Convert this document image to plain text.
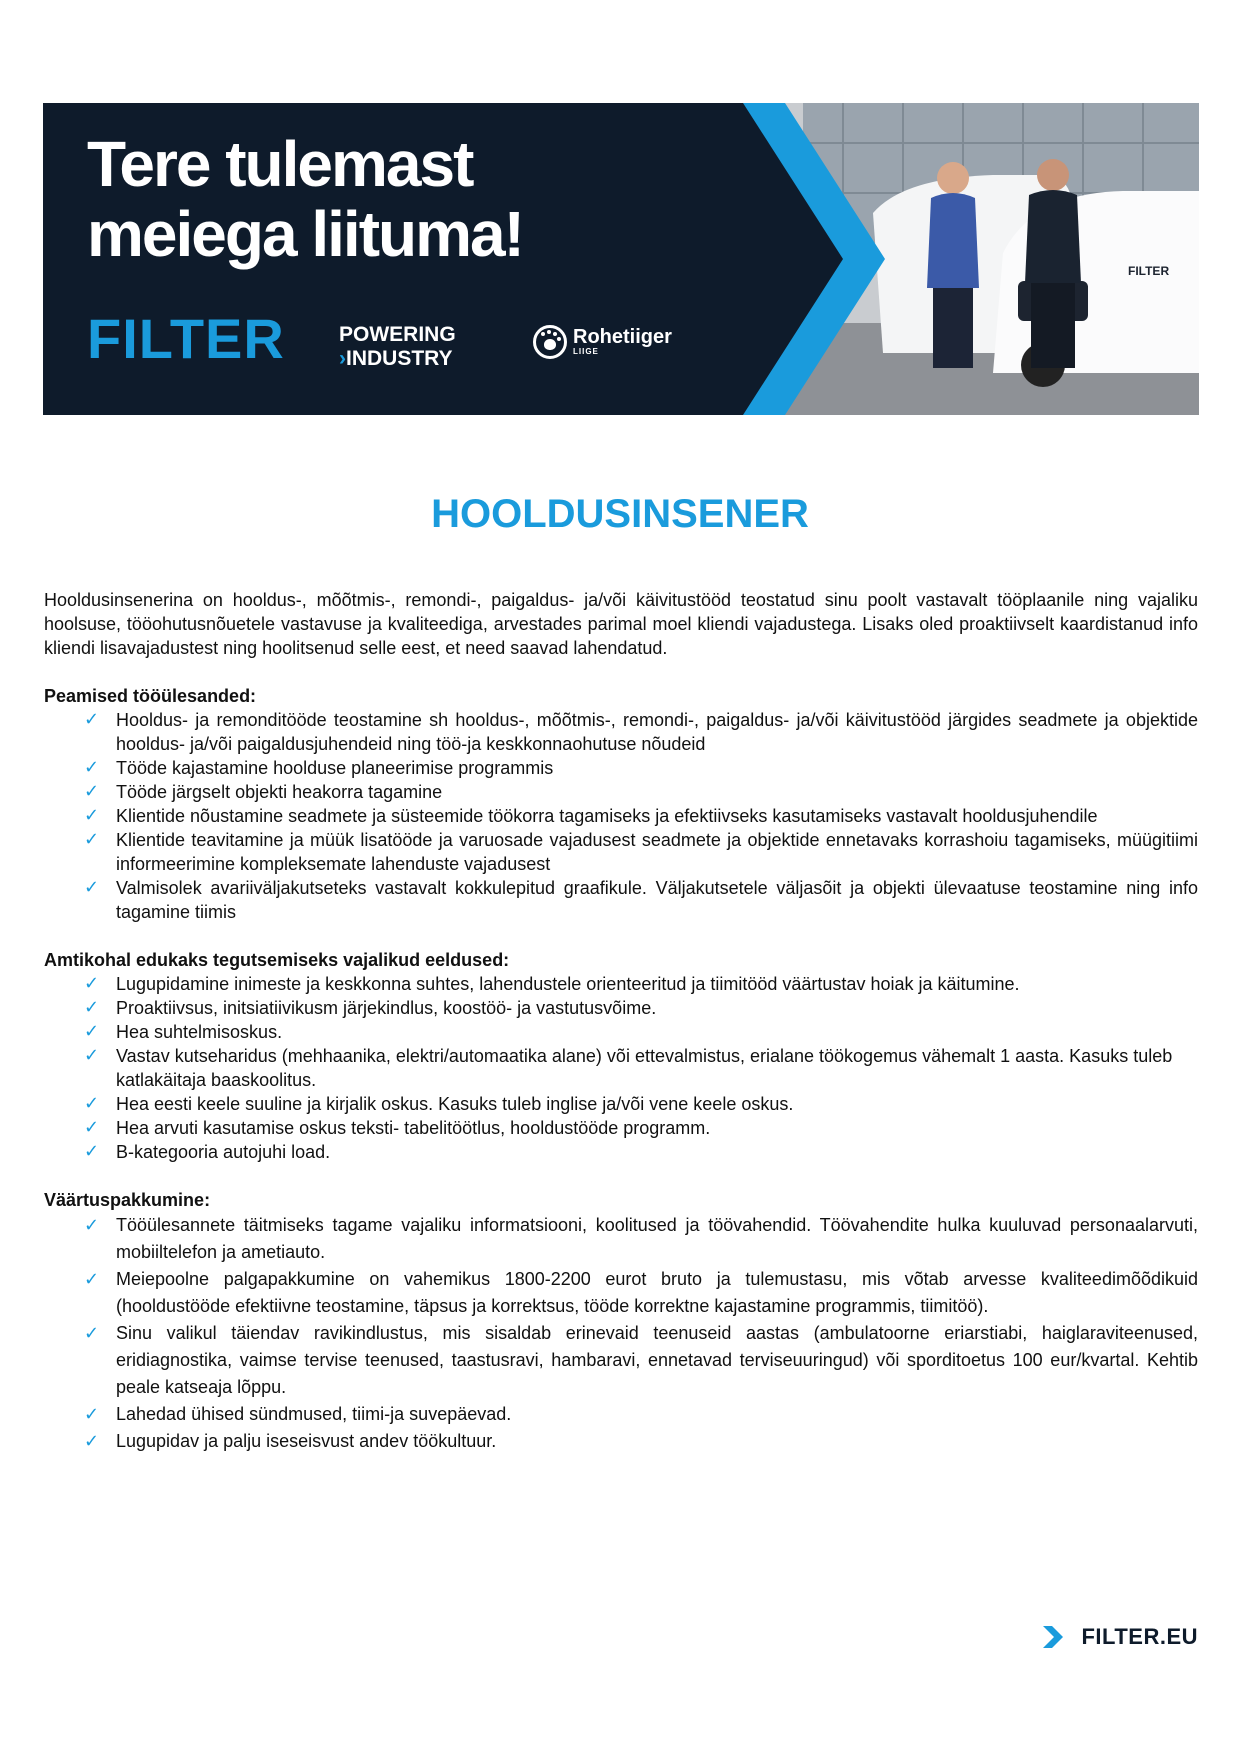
FILTER
Tere tulemast
meiega liituma!
FILTER	POWERING
›INDUSTRY
Rohetiiger
LIIGE
HOOLDUSINSENER

Hooldusinsenerina on hooldus-, mõõtmis-, remondi-, paigaldus- ja/või käivitustööd teostatud sinu poolt vastavalt tööplaanile ning vajaliku hoolsuse, tööohutusnõuetele vastavuse ja kvaliteediga, arvestades parimal moel kliendi vajadustega. Lisaks oled proaktiivselt kaardistanud info kliendi lisavajadustest ning hoolitsenud selle eest, et need saavad lahendatud.

Peamised tööülesanded:

✓ Hooldus- ja remonditööde teostamine sh hooldus-, mõõtmis-, remondi-, paigaldus- ja/või käivitustööd järgides seadmete ja objektide hooldus- ja/või paigaldusjuhendeid ning töö-ja keskkonnaohutuse nõudeid
✓ Tööde kajastamine hoolduse planeerimise programmis
✓ Tööde järgselt objekti heakorra tagamine
✓ Klientide nõustamine seadmete ja süsteemide töökorra tagamiseks ja efektiivseks kasutamiseks vastavalt hooldusjuhendile
✓ Klientide teavitamine ja müük lisatööde ja varuosade vajadusest seadmete ja objektide ennetavaks korrashoiu tagamiseks, müügitiimi informeerimine kompleksemate lahenduste vajadusest
✓ Valmisolek avariiväljakutseteks vastavalt kokkulepitud graafikule. Väljakutsetele väljasõit ja objekti ülevaatuse teostamine ning info tagamine tiimis

Amtikohal edukaks tegutsemiseks vajalikud eeldused:

✓ Lugupidamine inimeste ja keskkonna suhtes, lahendustele orienteeritud ja tiimitööd väärtustav hoiak ja käitumine.
✓ Proaktiivsus, initsiatiivikusm järjekindlus, koostöö- ja vastutusvõime.
✓ Hea suhtelmisoskus.
✓ Vastav kutseharidus (mehhaanika, elektri/automaatika alane) või ettevalmistus, erialane töökogemus vähemalt 1 aasta. Kasuks tuleb katlakäitaja baaskoolitus.
✓ Hea eesti keele suuline ja kirjalik oskus. Kasuks tuleb inglise ja/või vene keele oskus.
✓ Hea arvuti kasutamise oskus teksti- tabelitöötlus, hooldustööde programm.
✓ B-kategooria autojuhi load.

Väärtuspakkumine:

✓ Tööülesannete täitmiseks tagame vajaliku informatsiooni, koolitused ja töövahendid. Töövahendite hulka kuuluvad personaalarvuti, mobiiltelefon ja ametiauto.
✓ Meiepoolne palgapakkumine on vahemikus 1800-2200 eurot bruto ja tulemustasu, mis võtab arvesse kvaliteedimõõdikuid (hooldustööde efektiivne teostamine, täpsus ja korrektsus, tööde korrektne kajastamine programmis, tiimitöö).
✓ Sinu valikul täiendav ravikindlustus, mis sisaldab erinevaid teenuseid aastas (ambulatoorne eriarstiabi, haiglaraviteenused, eridiagnostika, vaimse tervise teenused, taastusravi, hambaravi, ennetavad terviseuuringud) või sporditoetus 100 eur/kvartal. Kehtib peale katseaja lõppu.
✓ Lahedad ühised sündmused, tiimi-ja suvepäevad.
✓ Lugupidav ja palju iseseisvust andev töökultuur.
FILTER.EU
